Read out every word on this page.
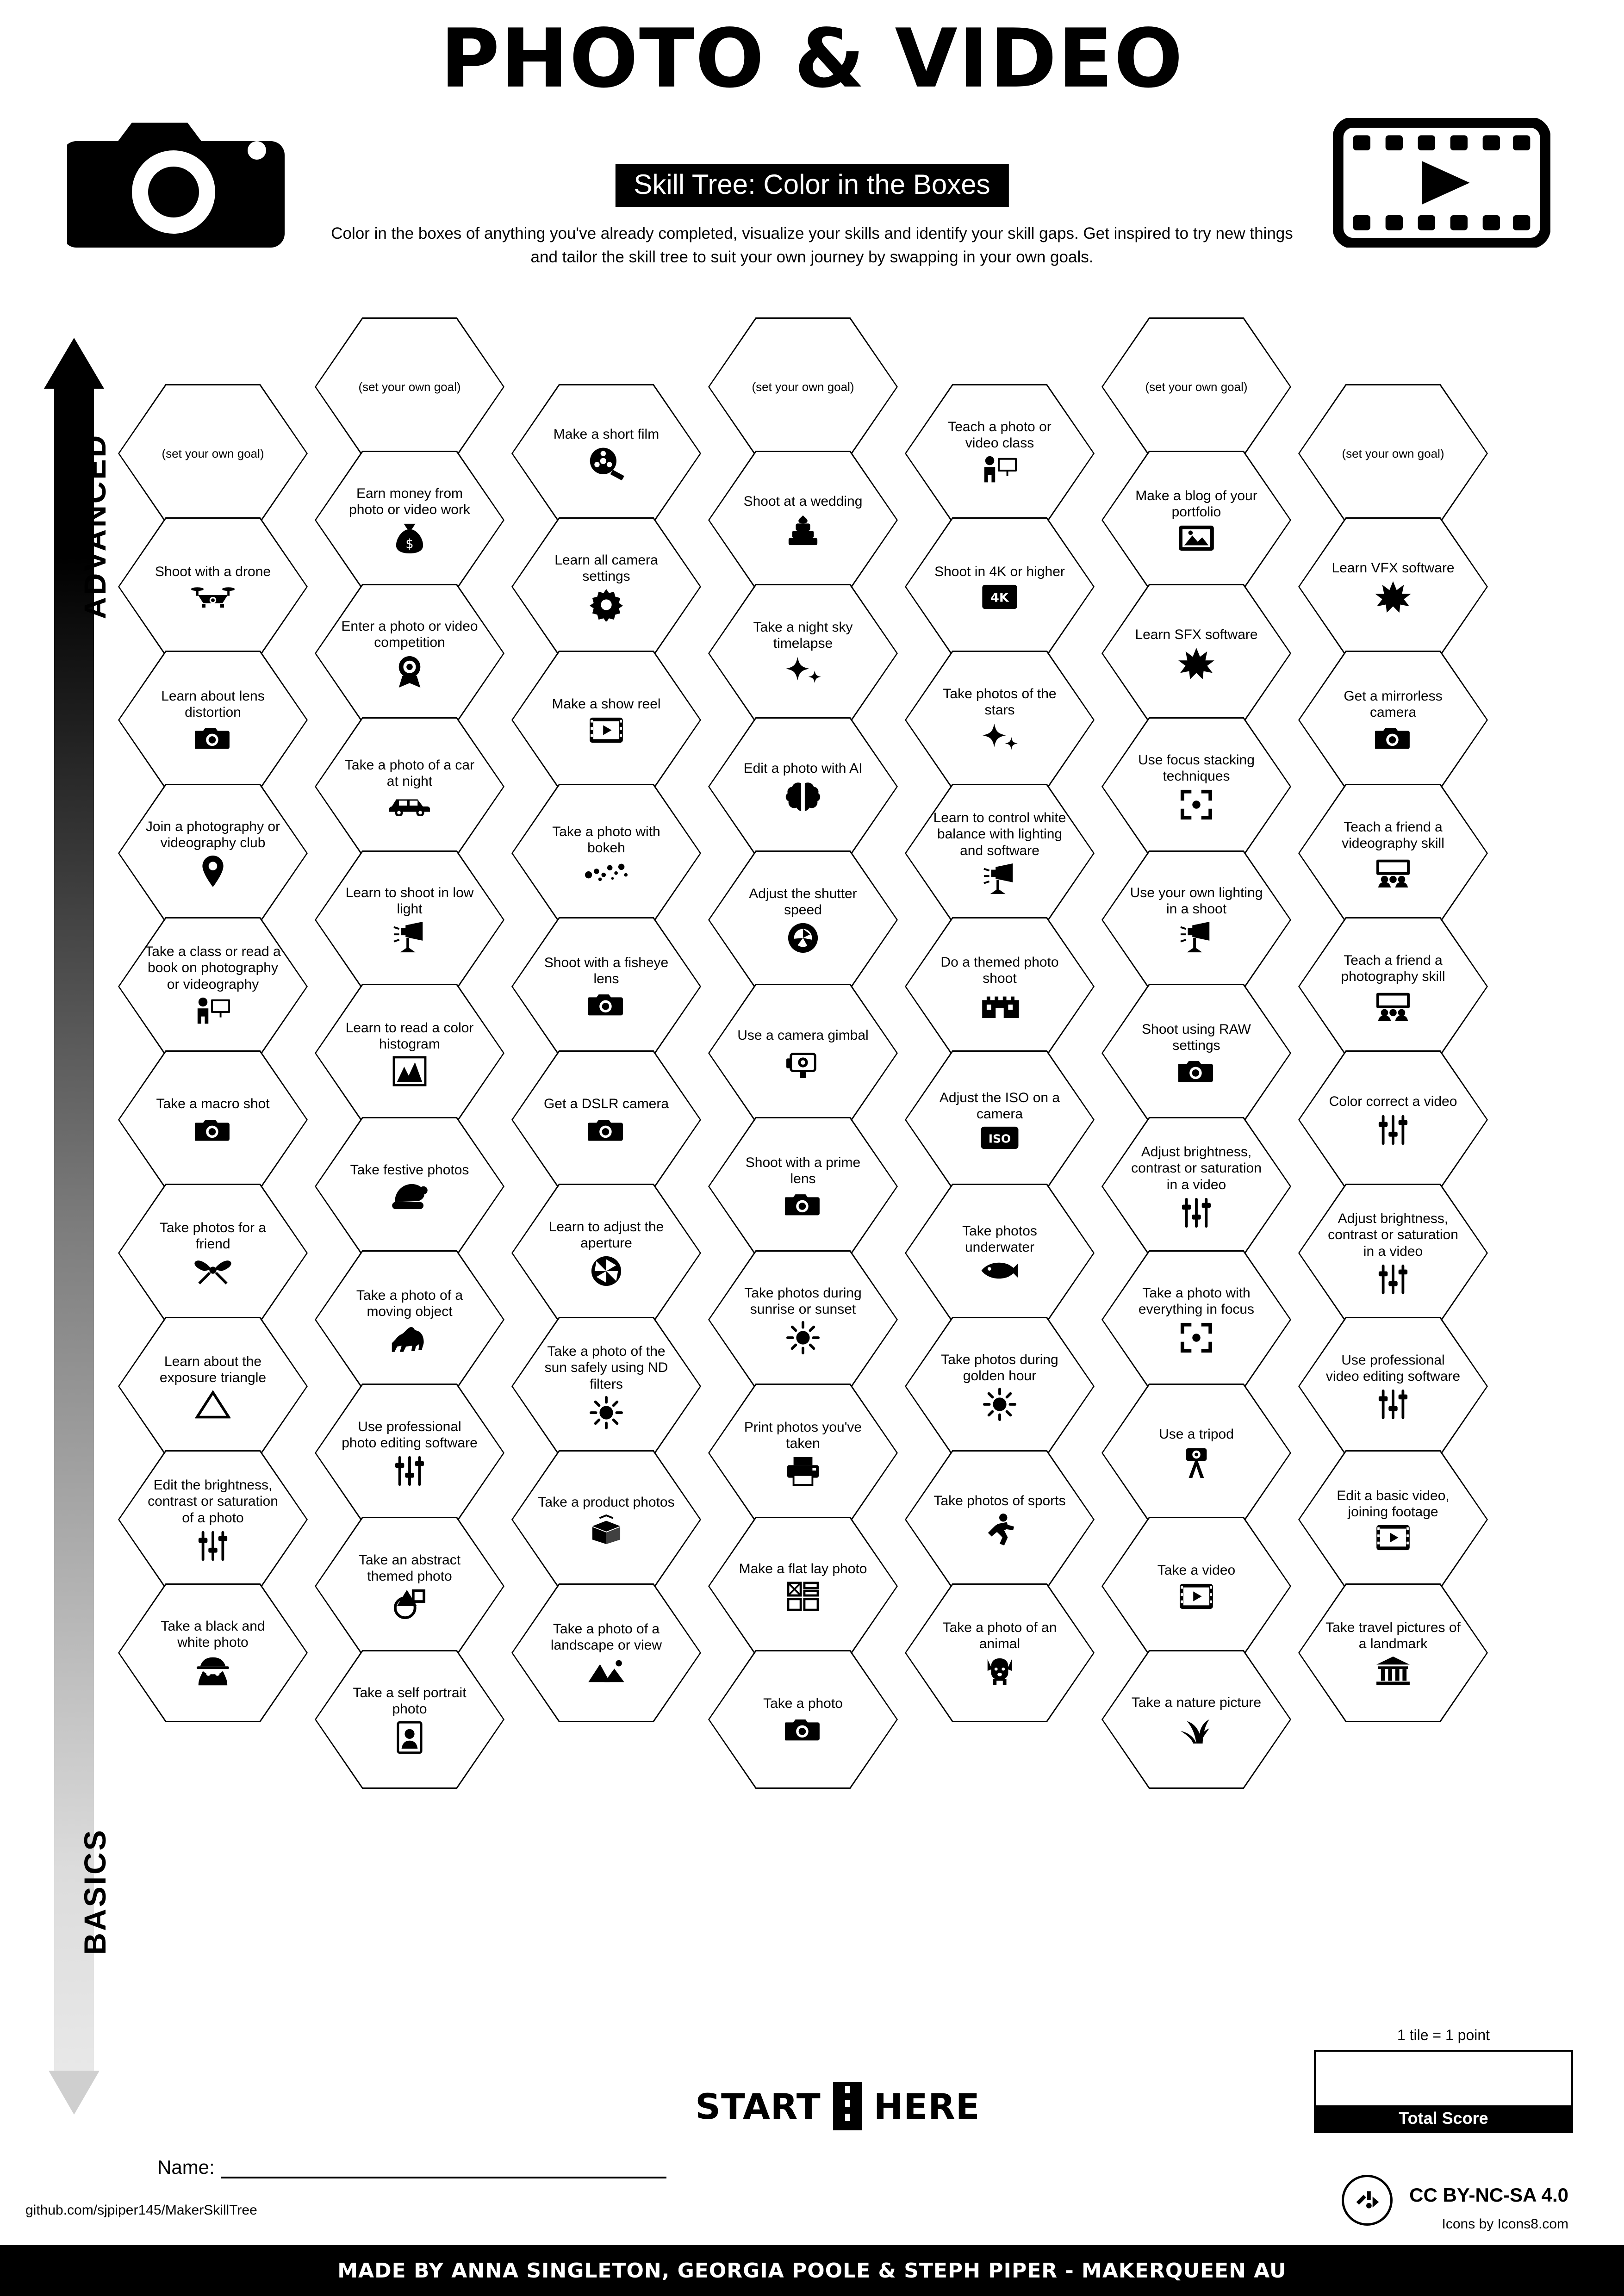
PHOTO & VIDEO
Skill Tree: Color in the Boxes
Color in the boxes of anything you've already completed, visualize your skills and identify your skill gaps. Get inspired to try new things and tailor the skill tree to suit your own journey by swapping in your own goals.
ADVANCED
BASICS
(set your own goal)
Shoot with a drone
Learn about lens distortion
Join a photography or videography club
Take a class or read a book on photography or videography
Take a macro shot
Take photos for a friend
Learn about the exposure triangle
Edit the brightness, contrast or saturation of a photo
Take a black and white photo
(set your own goal)
Earn money from photo or video work
$
Enter a photo or video competition
Take a photo of a car at night
Learn to shoot in low light
Learn to read a color histogram
Take festive photos
Take a photo of a moving object
Use professional photo editing software
Take an abstract themed photo
Take a self portrait photo
Make a short film
Learn all camera settings
Make a show reel
Take a photo with bokeh
Shoot with a fisheye lens
Get a DSLR camera
Learn to adjust the aperture
Take a photo of the sun safely using ND filters
Take a product photos
Take a photo of a landscape or view
(set your own goal)
Shoot at a wedding
Take a night sky timelapse
Edit a photo with AI
Adjust the shutter speed
Use a camera gimbal
Shoot with a prime lens
Take photos during sunrise or sunset
Print photos you've taken
Make a flat lay photo
Take a photo
Teach a photo or video class
Shoot in 4K or higher
4K
Take photos of the stars
Learn to control white balance with lighting and software
Do a themed photo shoot
Adjust the ISO on a camera
ISO
Take photos underwater
Take photos during golden hour
Take photos of sports
Take a photo of an animal
(set your own goal)
Make a blog of your portfolio
Learn SFX software
Use focus stacking techniques
Use your own lighting in a shoot
Shoot using RAW settings
Adjust brightness, contrast or saturation in a video
Take a photo with everything in focus
Use a tripod
Take a video
Take a nature picture
(set your own goal)
Learn VFX software
Get a mirrorless camera
Teach a friend a videography skill
Teach a friend a photography skill
Color correct a video
Adjust brightness, contrast or saturation in a video
Use professional video editing software
Edit a basic video, joining footage
Take travel pictures of a landmark
START HERE
1 tile = 1 point
Total Score
Name:
github.com/sjpiper145/MakerSkillTree
CC BY-NC-SA 4.0
Icons by Icons8.com
MADE BY ANNA SINGLETON, GEORGIA POOLE & STEPH PIPER - MAKERQUEEN AU
